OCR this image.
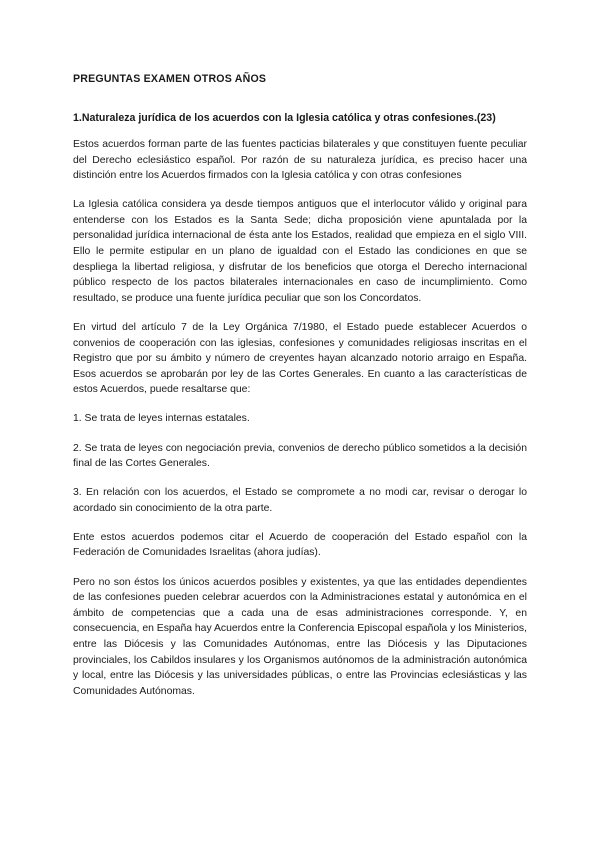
PREGUNTAS EXAMEN OTROS AÑOS
1.Naturaleza jurídica de los acuerdos con la Iglesia católica y otras confesiones.(23)

Estos acuerdos forman parte de las fuentes pacticias bilaterales y que constituyen fuente peculiar del Derecho eclesiástico español. Por razón de su naturaleza jurídica, es preciso hacer una distinción entre los Acuerdos firmados con la Iglesia católica y con otras confesiones

La Iglesia católica considera ya desde tiempos antiguos que el interlocutor válido y original para entenderse con los Estados es la Santa Sede; dicha proposición viene apuntalada por la personalidad jurídica internacional de ésta ante los Estados, realidad que empieza en el siglo VIII. Ello le permite estipular en un plano de igualdad con el Estado las condiciones en que se despliega la libertad religiosa, y disfrutar de los beneficios que otorga el Derecho internacional público respecto de los pactos bilaterales internacionales en caso de incumplimiento. Como resultado, se produce una fuente jurídica peculiar que son los Concordatos.

En virtud del artículo 7 de la Ley Orgánica 7/1980, el Estado puede establecer Acuerdos o convenios de cooperación con las iglesias, confesiones y comunidades religiosas inscritas en el Registro que por su ámbito y número de creyentes hayan alcanzado notorio arraigo en España. Esos acuerdos se aprobarán por ley de las Cortes Generales. En cuanto a las características de estos Acuerdos, puede resaltarse que:

1. Se trata de leyes internas estatales.

2. Se trata de leyes con negociación previa, convenios de derecho público sometidos a la decisión final de las Cortes Generales.

3. En relación con los acuerdos, el Estado se compromete a no modi car, revisar o derogar lo acordado sin conocimiento de la otra parte.

Ente estos acuerdos podemos citar el Acuerdo de cooperación del Estado español con la Federación de Comunidades Israelitas (ahora judías).

Pero no son éstos los únicos acuerdos posibles y existentes, ya que las entidades dependientes de las confesiones pueden celebrar acuerdos con la Administraciones estatal y autonómica en el ámbito de competencias que a cada una de esas administraciones corresponde. Y, en consecuencia, en España hay Acuerdos entre la Conferencia Episcopal española y los Ministerios, entre las Diócesis y las Comunidades Autónomas, entre las Diócesis y las Diputaciones provinciales, los Cabildos insulares y los Organismos autónomos de la administración autonómica y local, entre las Diócesis y las universidades públicas, o entre las Provincias eclesiásticas y las Comunidades Autónomas.
